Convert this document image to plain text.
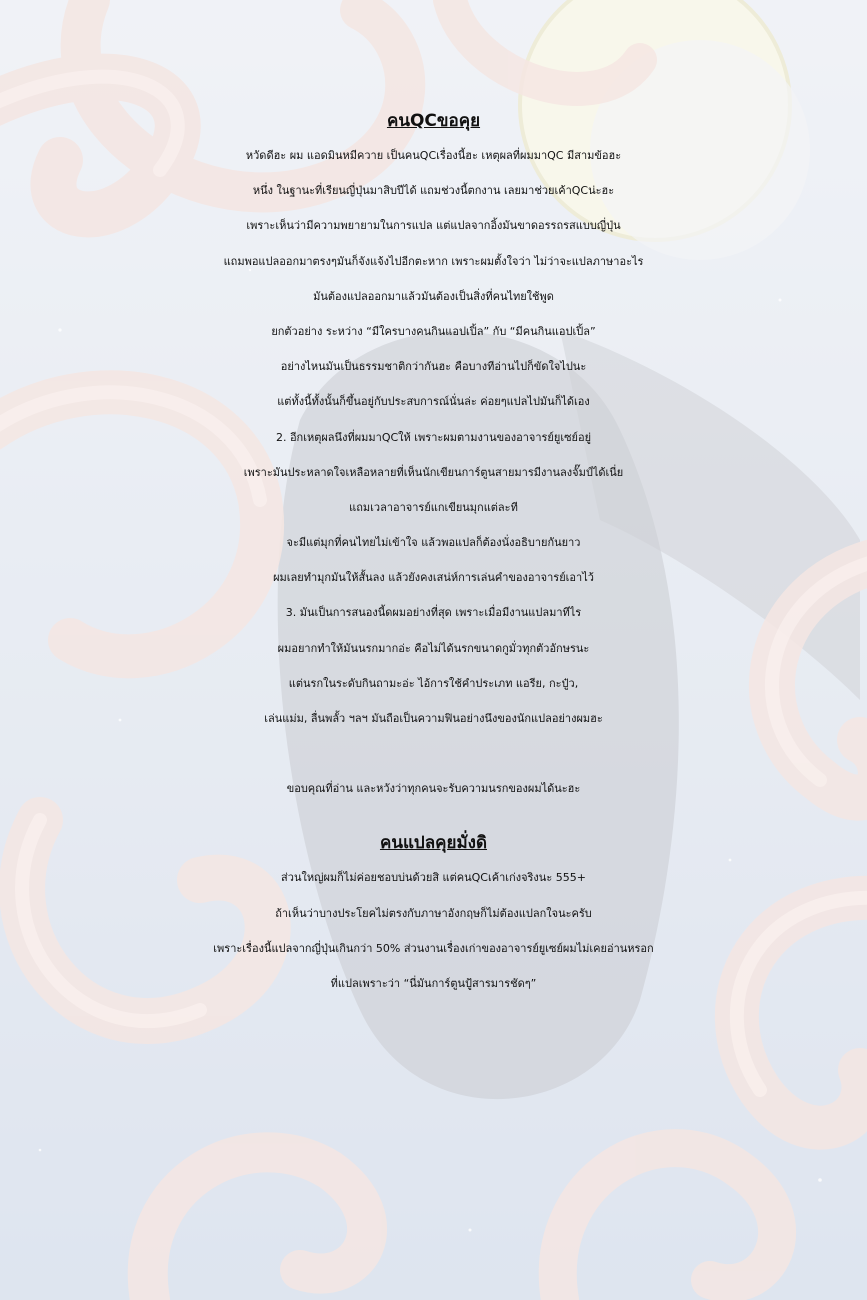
คนQCขอคุย
หวัดดีฮะ ผม แอดมินหมีควาย เป็นคนQCเรื่องนี้ฮะ เหตุผลที่ผมมาQC มีสามข้อฮะ
หนึ่ง ในฐานะที่เรียนญี่ปุ่นมาสิบปีได้ แถมช่วงนี้ตกงาน เลยมาช่วยเค้าQCน่ะฮะ
เพราะเห็นว่ามีความพยายามในการแปล แต่แปลจากอิ้งมันขาดอรรถรสแบบญี่ปุ่น
แถมพอแปลออกมาตรงๆมันก็จังแจ้งไปอีกตะหาก เพราะผมตั้งใจว่า ไม่ว่าจะแปลภาษาอะไร
มันต้องแปลออกมาแล้วมันต้องเป็นสิ่งที่คนไทยใช้พูด
ยกตัวอย่าง ระหว่าง “มีใครบางคนกินแอปเปิ้ล” กับ “มีคนกินแอปเปิ้ล”
อย่างไหนมันเป็นธรรมชาติกว่ากันฮะ คือบางทีอ่านไปก็ขัดใจไปนะ
แต่ทั้งนี้ทั้งนั้นก็ขึ้นอยู่กับประสบการณ์นั่นล่ะ ค่อยๆแปลไปมันก็ได้เอง
2. อีกเหตุผลนึงที่ผมมาQCให้ เพราะผมตามงานของอาจารย์ยูเซย์อยู่
เพราะมันประหลาดใจเหลือหลายที่เห็นนักเขียนการ์ตูนสายมารมีงานลงจั๊มป์ได้เนี่ย
แถมเวลาอาจารย์แกเขียนมุกแต่ละที
จะมีแต่มุกที่คนไทยไม่เข้าใจ แล้วพอแปลก็ต้องนั่งอธิบายกันยาว
ผมเลยทำมุกมันให้สั้นลง แล้วยังคงเสน่ห์การเล่นคำของอาจารย์เอาไว้
3. มันเป็นการสนองนี้ดผมอย่างที่สุด เพราะเมื่อมีงานแปลมาทีไร
ผมอยากทำให้มันนรกมากอ่ะ คือไม่ได้นรกขนาดกูมั่วทุกตัวอักษรนะ
แต่นรกในระดับกินถามะอ่ะ ไอ้การใช้คำประเภท แอรีย, กะปู๋ว,
เล่นแม่ม, ลื่นพลั้ว ฯลฯ มันถือเป็นความฟินอย่างนึงของนักแปลอย่างผมฮะ
ขอบคุณที่อ่าน และหวังว่าทุกคนจะรับความนรกของผมได้นะฮะ
คนแปลคุยมั่งดิ
ส่วนใหญ่ผมก็ไม่ค่อยชอบบ่นด้วยสิ แต่คนQCเค้าเก่งจริงนะ 555+
ถ้าเห็นว่าบางประโยคไม่ตรงกับภาษาอังกฤษก็ไม่ต้องแปลกใจนะครับ
เพราะเรื่องนี้แปลจากญี่ปุ่นเกินกว่า 50% ส่วนงานเรื่องเก่าของอาจารย์ยูเซย์ผมไม่เคยอ่านหรอก
ที่แปลเพราะว่า “นี่มันการ์ตูนปู้สารมารชัดๆ”
